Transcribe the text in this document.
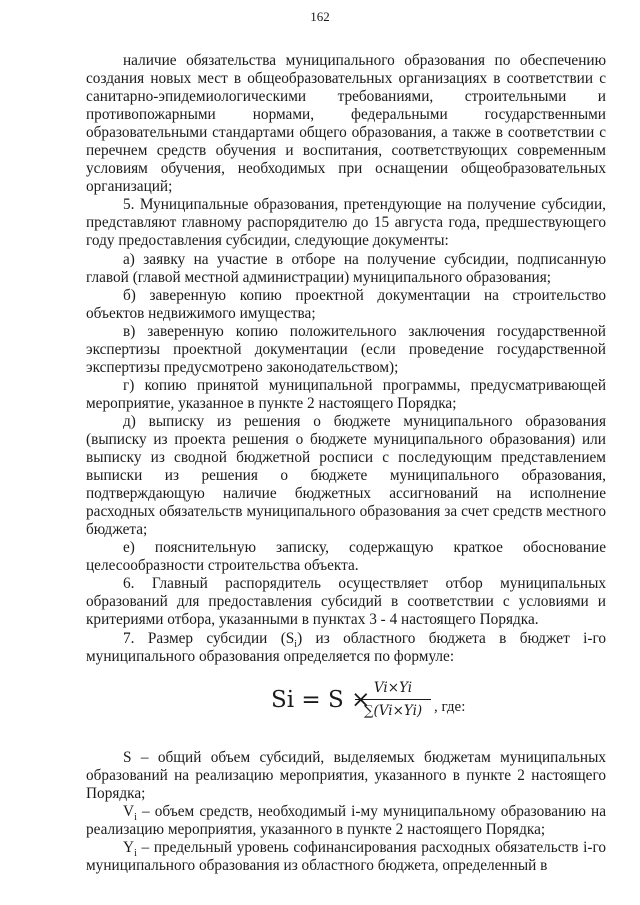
162

наличие обязательства муниципального образования по обеспечению создания новых мест в общеобразовательных организациях в соответствии с санитарно-эпидемиологическими требованиями, строительными и противопожарными нормами, федеральными государственными образовательными стандартами общего образования, а также в соответствии с перечнем средств обучения и воспитания, соответствующих современным условиям обучения, необходимых при оснащении общеобразовательных организаций;

5. Муниципальные образования, претендующие на получение субсидии, представляют главному распорядителю до 15 августа года, предшествующего году предоставления субсидии, следующие документы:

а) заявку на участие в отборе на получение субсидии, подписанную главой (главой местной администрации) муниципального образования;

б) заверенную копию проектной документации на строительство объектов недвижимого имущества;

в) заверенную копию положительного заключения государственной экспертизы проектной документации (если проведение государственной экспертизы предусмотрено законодательством);

г) копию принятой муниципальной программы, предусматривающей мероприятие, указанное в пункте 2 настоящего Порядка;

д) выписку из решения о бюджете муниципального образования (выписку из проекта решения о бюджете муниципального образования) или выписку из сводной бюджетной росписи с последующим представлением выписки из решения о бюджете муниципального образования, подтверждающую наличие бюджетных ассигнований на исполнение расходных обязательств муниципального образования за счет средств местного бюджета;

е) пояснительную записку, содержащую краткое обоснование целесообразности строительства объекта.

6. Главный распорядитель осуществляет отбор муниципальных образований для предоставления субсидий в соответствии с условиями и критериями отбора, указанными в пунктах 3 - 4 настоящего Порядка.

7. Размер субсидии $(S_i)$ из областного бюджета в бюджет i-го муниципального образования определяется по формуле:

Si = S × Vi×Yi
∑(Vi×Yi) , где:

S – общий объем субсидий, выделяемых бюджетам муниципальных образований на реализацию мероприятия, указанного в пункте 2 настоящего Порядка;

$V_i$ – объем средств, необходимый i-му муниципальному образованию на реализацию мероприятия, указанного в пункте 2 настоящего Порядка;

$Y_i$ – предельный уровень софинансирования расходных обязательств i-го муниципального образования из областного бюджета, определенный в
